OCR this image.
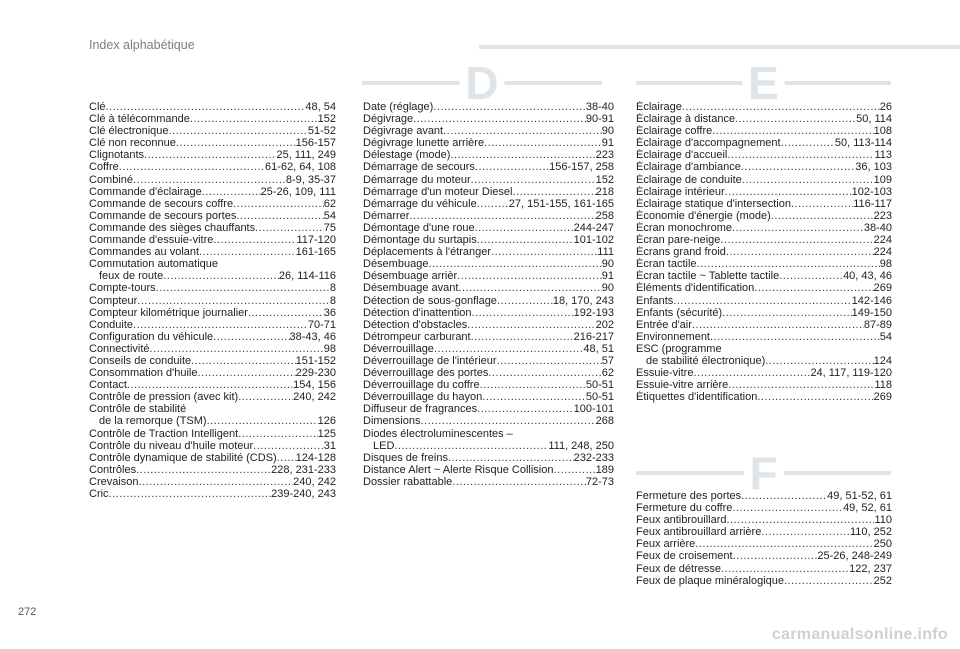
Index alphabétique
D	E
F
Clé .....	48, 54
Clé à télécommande .....	152
Clé électronique .....	51-52
Clé non reconnue .....	156-157
Clignotants .....	25, 111, 249
Coffre .....	61-62, 64, 108
Combiné .....	8-9, 35-37
Commande d'éclairage .....	25-26, 109, 111
Commande de secours coffre .....	62
Commande de secours portes .....	54
Commande des sièges chauffants .....	75
Commande d'essuie-vitre .....	117-120
Commandes au volant .....	161-165
Commutation automatique
feux de route .....	26, 114-116
Compte-tours .....	8
Compteur .....	8
Compteur kilométrique journalier .....	36
Conduite .....	70-71
Configuration du véhicule .....	38-43, 46
Connectivité .....	98
Conseils de conduite .....	151-152
Consommation d'huile .....	229-230
Contact .....	154, 156
Contrôle de pression (avec kit) .....	240, 242
Contrôle de stabilité
de la remorque (TSM) .....	126
Contrôle de Traction Intelligent .....	125
Contrôle du niveau d'huile moteur .....	31
Contrôle dynamique de stabilité (CDS) ..... 124-128
Contrôles .....	228, 231-233
Crevaison .....	240, 242
Cric .....	239-240, 243
Date (réglage) .....	38-40
Dégivrage .....	90-91
Dégivrage avant .....	90
Dégivrage lunette arrière .....	91
Délestage (mode) .....	223
Démarrage de secours .....	156-157, 258
Démarrage du moteur .....	152
Démarrage d'un moteur Diesel .....	218
Démarrage du véhicule .....	27, 151-155, 161-165
Démarrer .....	258
Démontage d'une roue .....	244-247
Démontage du surtapis .....	101-102
Déplacements à l'étranger .....	111
Désembuage .....	90
Désembuage arrièr .....	91
Désembuage avant .....	90
Détection de sous-gonflage .....	18, 170, 243
Détection d'inattention .....	192-193
Détection d'obstacles .....	202
Détrompeur carburant .....	216-217
Déverrouillage .....	48, 51
Déverrouillage de l'intérieur .....	57
Déverrouillage des portes .....	62
Déverrouillage du coffre .....	50-51
Déverrouillage du hayon .....	50-51
Diffuseur de fragrances .....	100-101
Dimensions .....	268
Diodes électroluminescentes –
LED .....	111, 248, 250
Disques de freins .....	232-233
Distance Alert ~ Alerte Risque Collision .....	189
Dossier rabattable .....	72-73
Éclairage .....	26
Éclairage à distance .....	50, 114
Éclairage coffre .....	108
Éclairage d'accompagnement .....	50, 113-114
Éclairage d'accueil .....	113
Éclairage d'ambiance .....	36, 103
Éclairage de conduite .....	109
Éclairage intérieur .....	102-103
Éclairage statique d'intersection .....	116-117
Économie d'énergie (mode) .....	223
Écran monochrome .....	38-40
Écran pare-neige .....	224
Écrans grand froid .....	224
Écran tactile .....	98
Écran tactile ~ Tablette tactile .....	40, 43, 46
Éléments d'identification .....	269
Enfants .....	142-146
Enfants (sécurité) .....	149-150
Entrée d'air .....	87-89
Environnement .....	54
ESC (programme
de stabilité électronique) .....	124
Essuie-vitre .....	24, 117, 119-120
Essuie-vitre arrière .....	118
Étiquettes d'identification .....	269
Fermeture des portes .....	49, 51-52, 61
Fermeture du coffre .....	49, 52, 61
Feux antibrouillard .....	110
Feux antibrouillard arrière .....	110, 252
Feux arrière .....	250
Feux de croisement .....	25-26, 248-249
Feux de détresse .....	122, 237
Feux de plaque minéralogique .....	252
272
carmanualsonline.info
